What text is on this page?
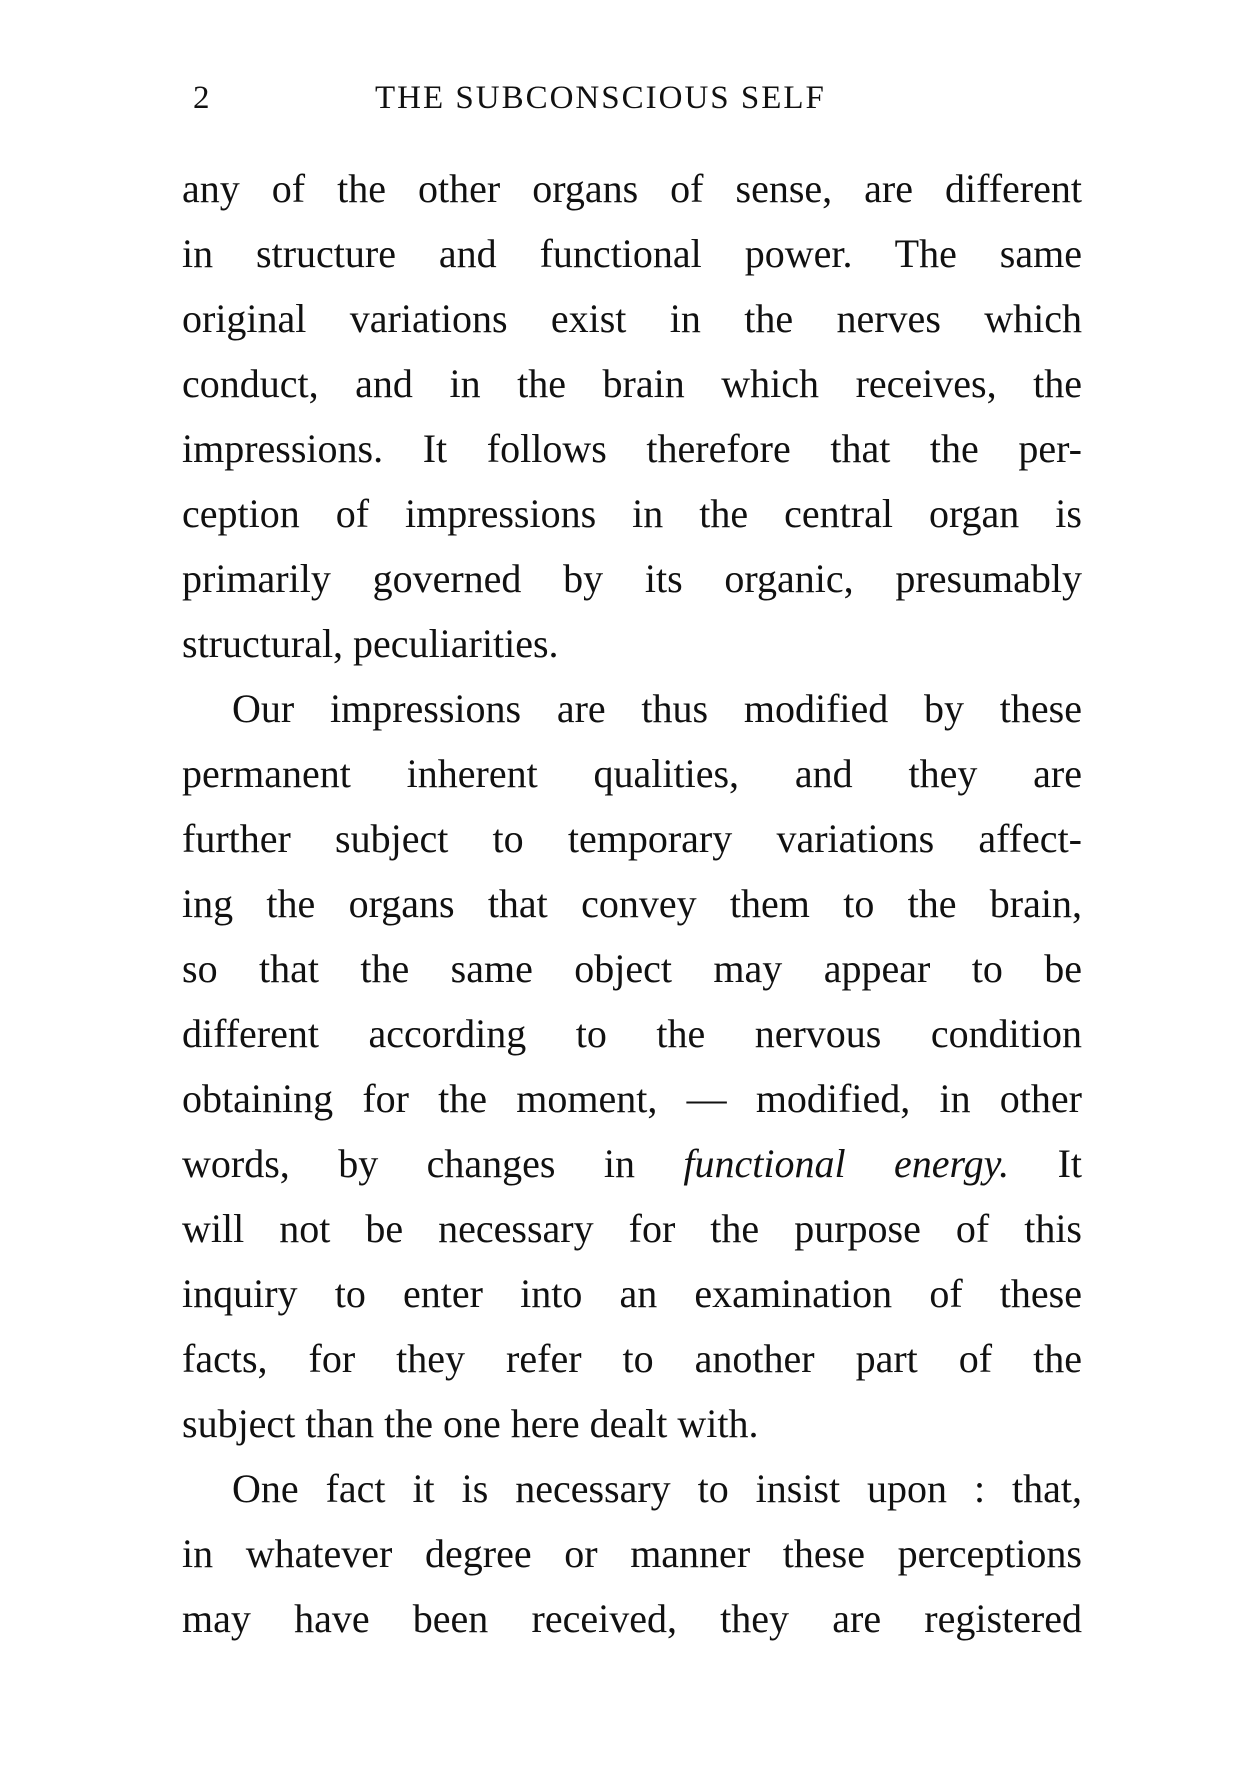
2	THE SUBCONSCIOUS SELF
any of the other organs of sense, are different
in structure and functional power. The same
original variations exist in the nerves which
conduct, and in the brain which receives, the
impressions. It follows therefore that the per-
ception of impressions in the central organ is
primarily governed by its organic, presumably
structural, peculiarities.
Our impressions are thus modified by these
permanent inherent qualities, and they are
further subject to temporary variations affect-
ing the organs that convey them to the brain,
so that the same object may appear to be
different according to the nervous condition
obtaining for the moment, — modified, in other
words, by changes in functional energy. It
will not be necessary for the purpose of this
inquiry to enter into an examination of these
facts, for they refer to another part of the
subject than the one here dealt with.
One fact it is necessary to insist upon : that,
in whatever degree or manner these perceptions
may have been received, they are registered
